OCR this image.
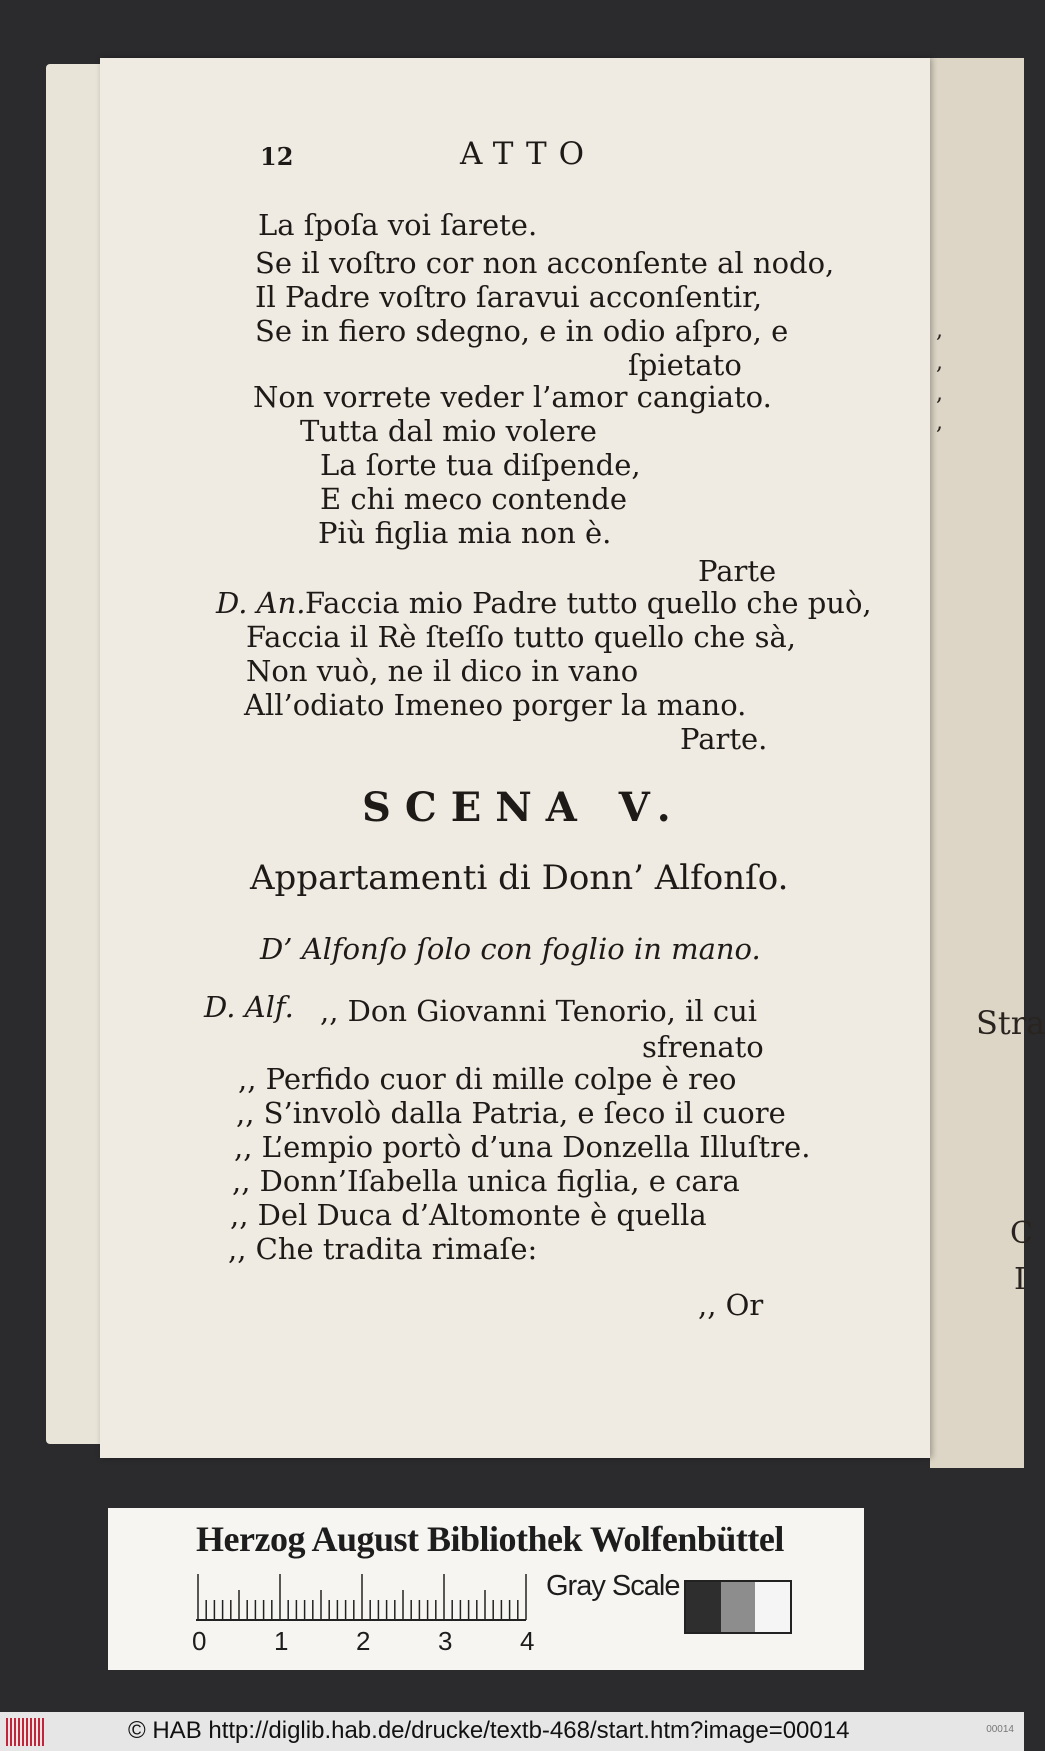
,
,
,
,
Stra
C
I
12	ATTO
La ſpoſa voi ſarete.
Se il voſtro cor non acconſente al nodo,
Il Padre voſtro ſaravui acconſentir,
Se in fiero sdegno, e in odio aſpro, e
ſpietato
Non vorrete veder l’amor cangiato.
Tutta dal mio volere
La ſorte tua diſpende,
E chi meco contende
Più figlia mia non è.
Parte
D. An. Faccia mio Padre tutto quello che può,
Faccia il Rè ſteſſo tutto quello che sà,
Non vuò, ne il dico in vano
All’odiato Imeneo porger la mano.
Parte.
SCENA V.
Appartamenti di Donn’ Alfonſo.
D’ Alfonſo ſolo con foglio in mano.
D. Alf. ,, Don Giovanni Tenorio, il cui
sfrenato
,, Perfido cuor di mille colpe è reo
,, S’involò dalla Patria, e ſeco il cuore
,, L’empio portò d’una Donzella Illuſtre.
,, Donn’Iſabella unica figlia, e cara
,, Del Duca d’Altomonte è quella
,, Che tradita rimaſe:
,, Or
Herzog August Bibliothek Wolfenbüttel
0	1	2	3	4
Gray Scale
© HAB http://diglib.hab.de/drucke/textb-468/start.htm?image=00014	00014
